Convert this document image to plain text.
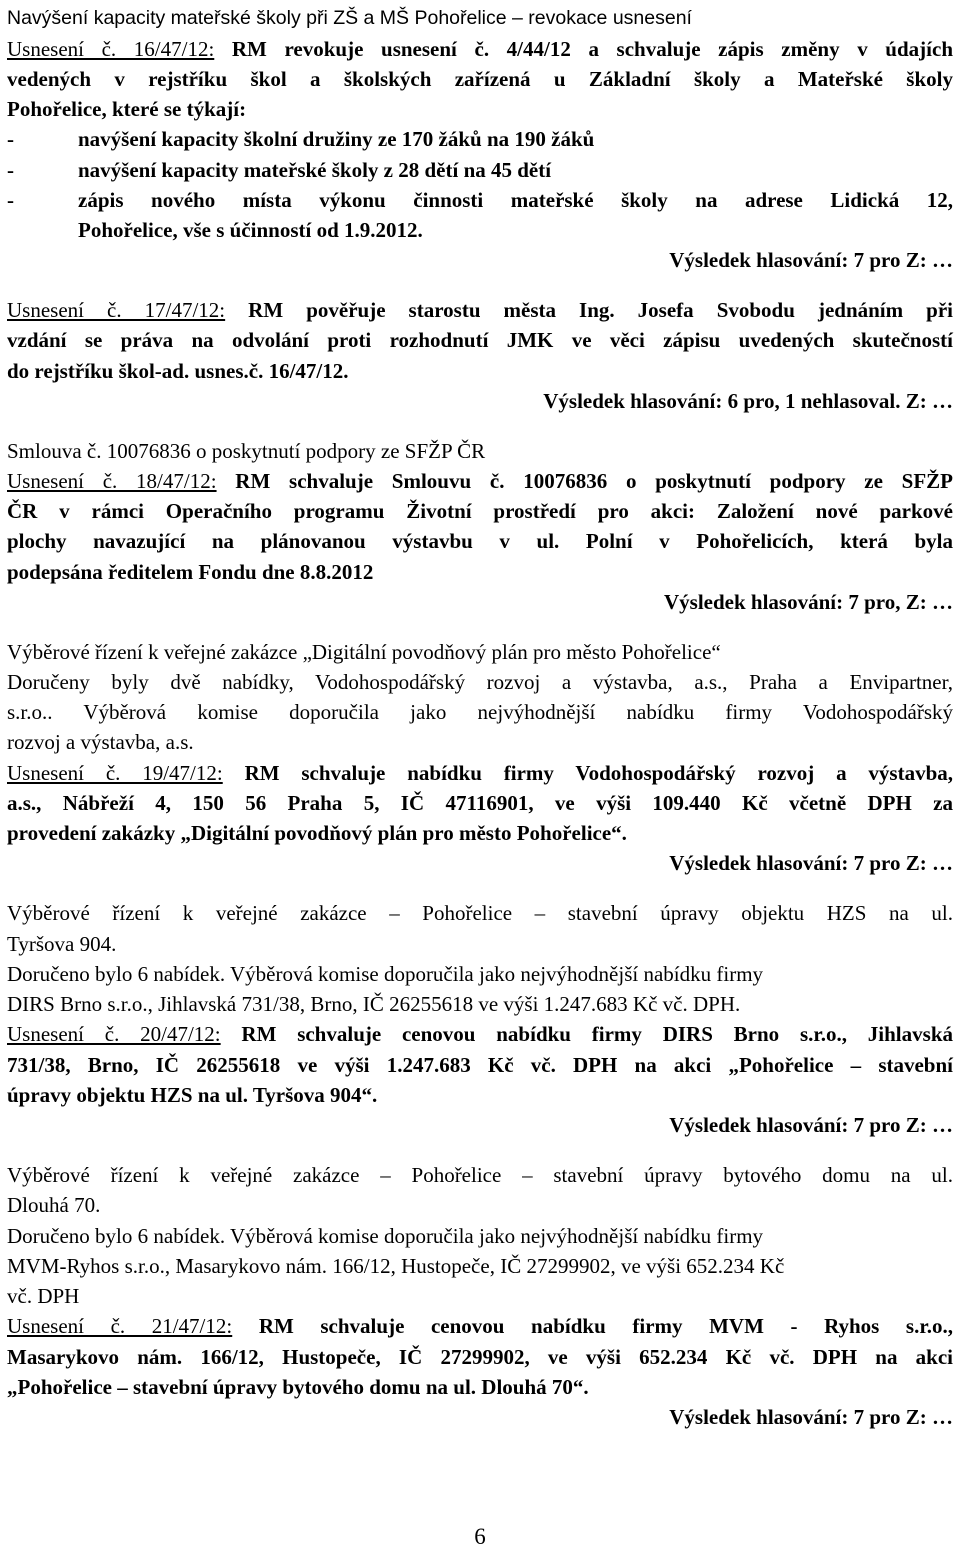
Navýšení kapacity mateřské školy při ZŠ a MŠ Pohořelice – revokace usnesení
Usnesení č. 16/47/12: RM revokuje usnesení č. 4/44/12 a schvaluje zápis změny v údajích
vedených v rejstříku škol a školských zařízená u Základní školy a Mateřské školy
Pohořelice, které se týkají:
-	navýšení kapacity školní družiny ze 170 žáků na 190 žáků
-	navýšení kapacity mateřské školy z 28 dětí na 45 dětí
-	zápis nového místa výkonu činnosti mateřské školy na adrese Lidická 12,
Pohořelice, vše s účinností od 1.9.2012.
Výsledek hlasování: 7 pro Z: …
Usnesení č. 17/47/12: RM pověřuje starostu města Ing. Josefa Svobodu jednáním při
vzdání se práva na odvolání proti rozhodnutí JMK ve věci zápisu uvedených skutečností
do rejstříku škol-ad. usnes.č. 16/47/12.
Výsledek hlasování: 6 pro, 1 nehlasoval. Z: …
Smlouva č. 10076836 o poskytnutí podpory ze SFŽP ČR
Usnesení č. 18/47/12: RM schvaluje Smlouvu č. 10076836 o poskytnutí podpory ze SFŽP
ČR v rámci Operačního programu Životní prostředí pro akci: Založení nové parkové
plochy navazující na plánovanou výstavbu v ul. Polní v Pohořelicích, která byla
podepsána ředitelem Fondu dne 8.8.2012
Výsledek hlasování: 7 pro, Z: …
Výběrové řízení k veřejné zakázce „Digitální povodňový plán pro město Pohořelice“
Doručeny byly dvě nabídky, Vodohospodářský rozvoj a výstavba, a.s., Praha a Envipartner,
s.r.o.. Výběrová komise doporučila jako nejvýhodnější nabídku firmy Vodohospodářský
rozvoj a výstavba, a.s.
Usnesení č. 19/47/12: RM schvaluje nabídku firmy Vodohospodářský rozvoj a výstavba,
a.s., Nábřeží 4, 150 56 Praha 5, IČ 47116901, ve výši 109.440 Kč včetně DPH za
provedení zakázky „Digitální povodňový plán pro město Pohořelice“.
Výsledek hlasování: 7 pro Z: …
Výběrové řízení k veřejné zakázce – Pohořelice – stavební úpravy objektu HZS na ul.
Tyršova 904.
Doručeno bylo 6 nabídek. Výběrová komise doporučila jako nejvýhodnější nabídku firmy
DIRS Brno s.r.o., Jihlavská 731/38, Brno, IČ 26255618 ve výši 1.247.683 Kč vč. DPH.
Usnesení č. 20/47/12: RM schvaluje cenovou nabídku firmy DIRS Brno s.r.o., Jihlavská
731/38, Brno, IČ 26255618 ve výši 1.247.683 Kč vč. DPH na akci „Pohořelice – stavební
úpravy objektu HZS na ul. Tyršova 904“.
Výsledek hlasování: 7 pro Z: …
Výběrové řízení k veřejné zakázce – Pohořelice – stavební úpravy bytového domu na ul.
Dlouhá 70.
Doručeno bylo 6 nabídek. Výběrová komise doporučila jako nejvýhodnější nabídku firmy
MVM-Ryhos s.r.o., Masarykovo nám. 166/12, Hustopeče, IČ 27299902, ve výši 652.234 Kč
vč. DPH
Usnesení č. 21/47/12: RM schvaluje cenovou nabídku firmy MVM - Ryhos s.r.o.,
Masarykovo nám. 166/12, Hustopeče, IČ 27299902, ve výši 652.234 Kč vč. DPH na akci
„Pohořelice – stavební úpravy bytového domu na ul. Dlouhá 70“.
Výsledek hlasování: 7 pro Z: …
6
